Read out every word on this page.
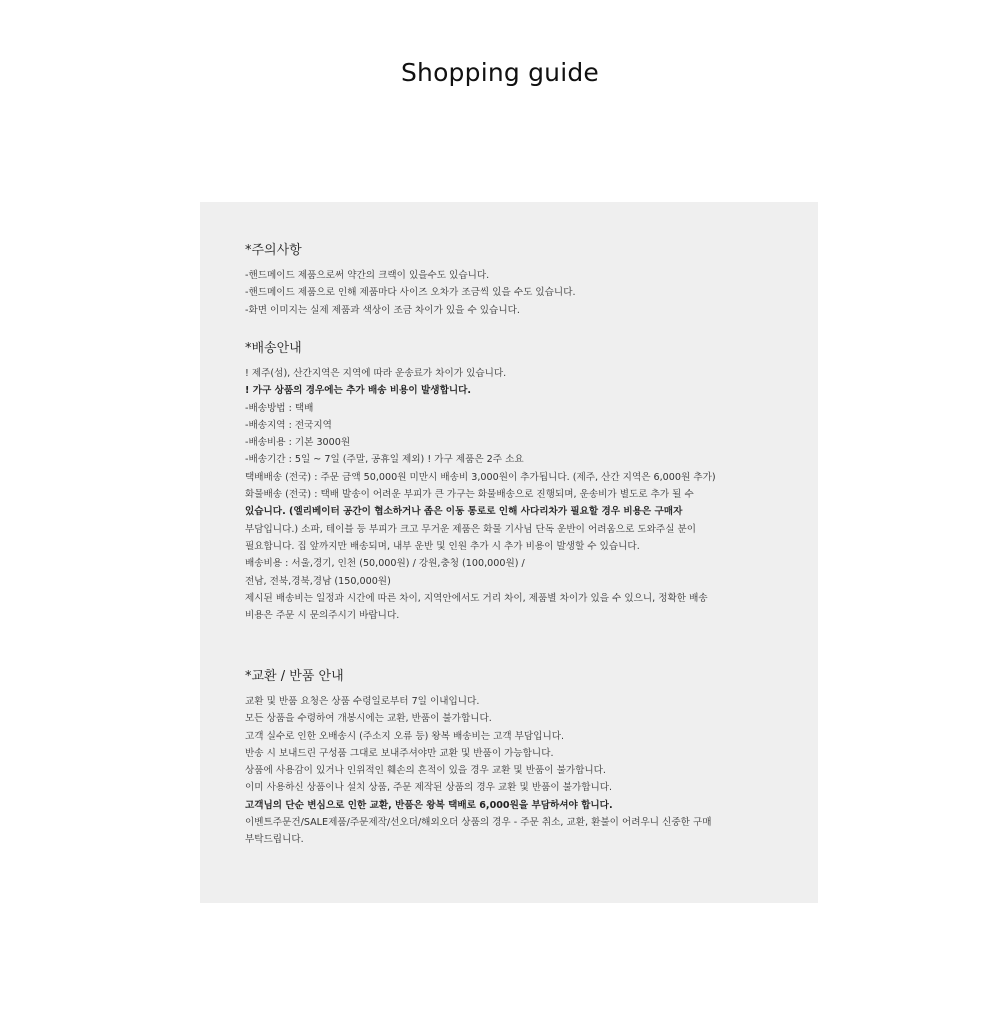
Shopping guide
*주의사항

-핸드메이드 제품으로써 약간의 크랙이 있을수도 있습니다.

-핸드메이드 제품으로 인해 제품마다 사이즈 오차가 조금씩 있을 수도 있습니다.

-화면 이미지는 실제 제품과 색상이 조금 차이가 있을 수 있습니다.

*배송안내

! 제주(섬), 산간지역은 지역에 따라 운송료가 차이가 있습니다.

! 가구 상품의 경우에는 추가 배송 비용이 발생합니다.

-배송방법 : 택배

-배송지역 : 전국지역

-배송비용 : 기본 3000원

-배송기간 : 5일 ~ 7일 (주말, 공휴일 제외) ! 가구 제품은 2주 소요

택배배송 (전국) : 주문 금액 50,000원 미만시 배송비 3,000원이 추가됩니다. (제주, 산간 지역은 6,000원 추가)

화물배송 (전국) : 택배 발송이 어려운 부피가 큰 가구는 화물배송으로 진행되며, 운송비가 별도로 추가 될 수

있습니다. (엘리베이터 공간이 협소하거나 좁은 이동 통로로 인해 사다리차가 필요할 경우 비용은 구매자

부담입니다.) 소파, 테이블 등 부피가 크고 무거운 제품은 화물 기사님 단독 운반이 어려움으로 도와주실 분이

필요합니다. 집 앞까지만 배송되며, 내부 운반 및 인원 추가 시 추가 비용이 발생할 수 있습니다.

배송비용 : 서울,경기, 인천 (50,000원) / 강원,충청 (100,000원) /

전남, 전북,경북,경남 (150,000원)

제시된 배송비는 일정과 시간에 따른 차이, 지역안에서도 거리 차이, 제품별 차이가 있을 수 있으니, 정확한 배송

비용은 주문 시 문의주시기 바랍니다.

*교환 / 반품 안내

교환 및 반품 요청은 상품 수령일로부터 7일 이내입니다.

모든 상품을 수령하여 개봉시에는 교환, 반품이 불가합니다.

고객 실수로 인한 오배송시 (주소지 오류 등) 왕복 배송비는 고객 부담입니다.

반송 시 보내드린 구성품 그대로 보내주셔야만 교환 및 반품이 가능합니다.

상품에 사용감이 있거나 인위적인 훼손의 흔적이 있을 경우 교환 및 반품이 불가합니다.

이미 사용하신 상품이나 설치 상품, 주문 제작된 상품의 경우 교환 및 반품이 불가합니다.

고객님의 단순 변심으로 인한 교환, 반품은 왕복 택배로 6,000원을 부담하셔야 합니다.

이벤트주문건/SALE제품/주문제작/선오더/해외오더 상품의 경우 - 주문 취소, 교환, 환불이 어려우니 신중한 구매

부탁드립니다.
